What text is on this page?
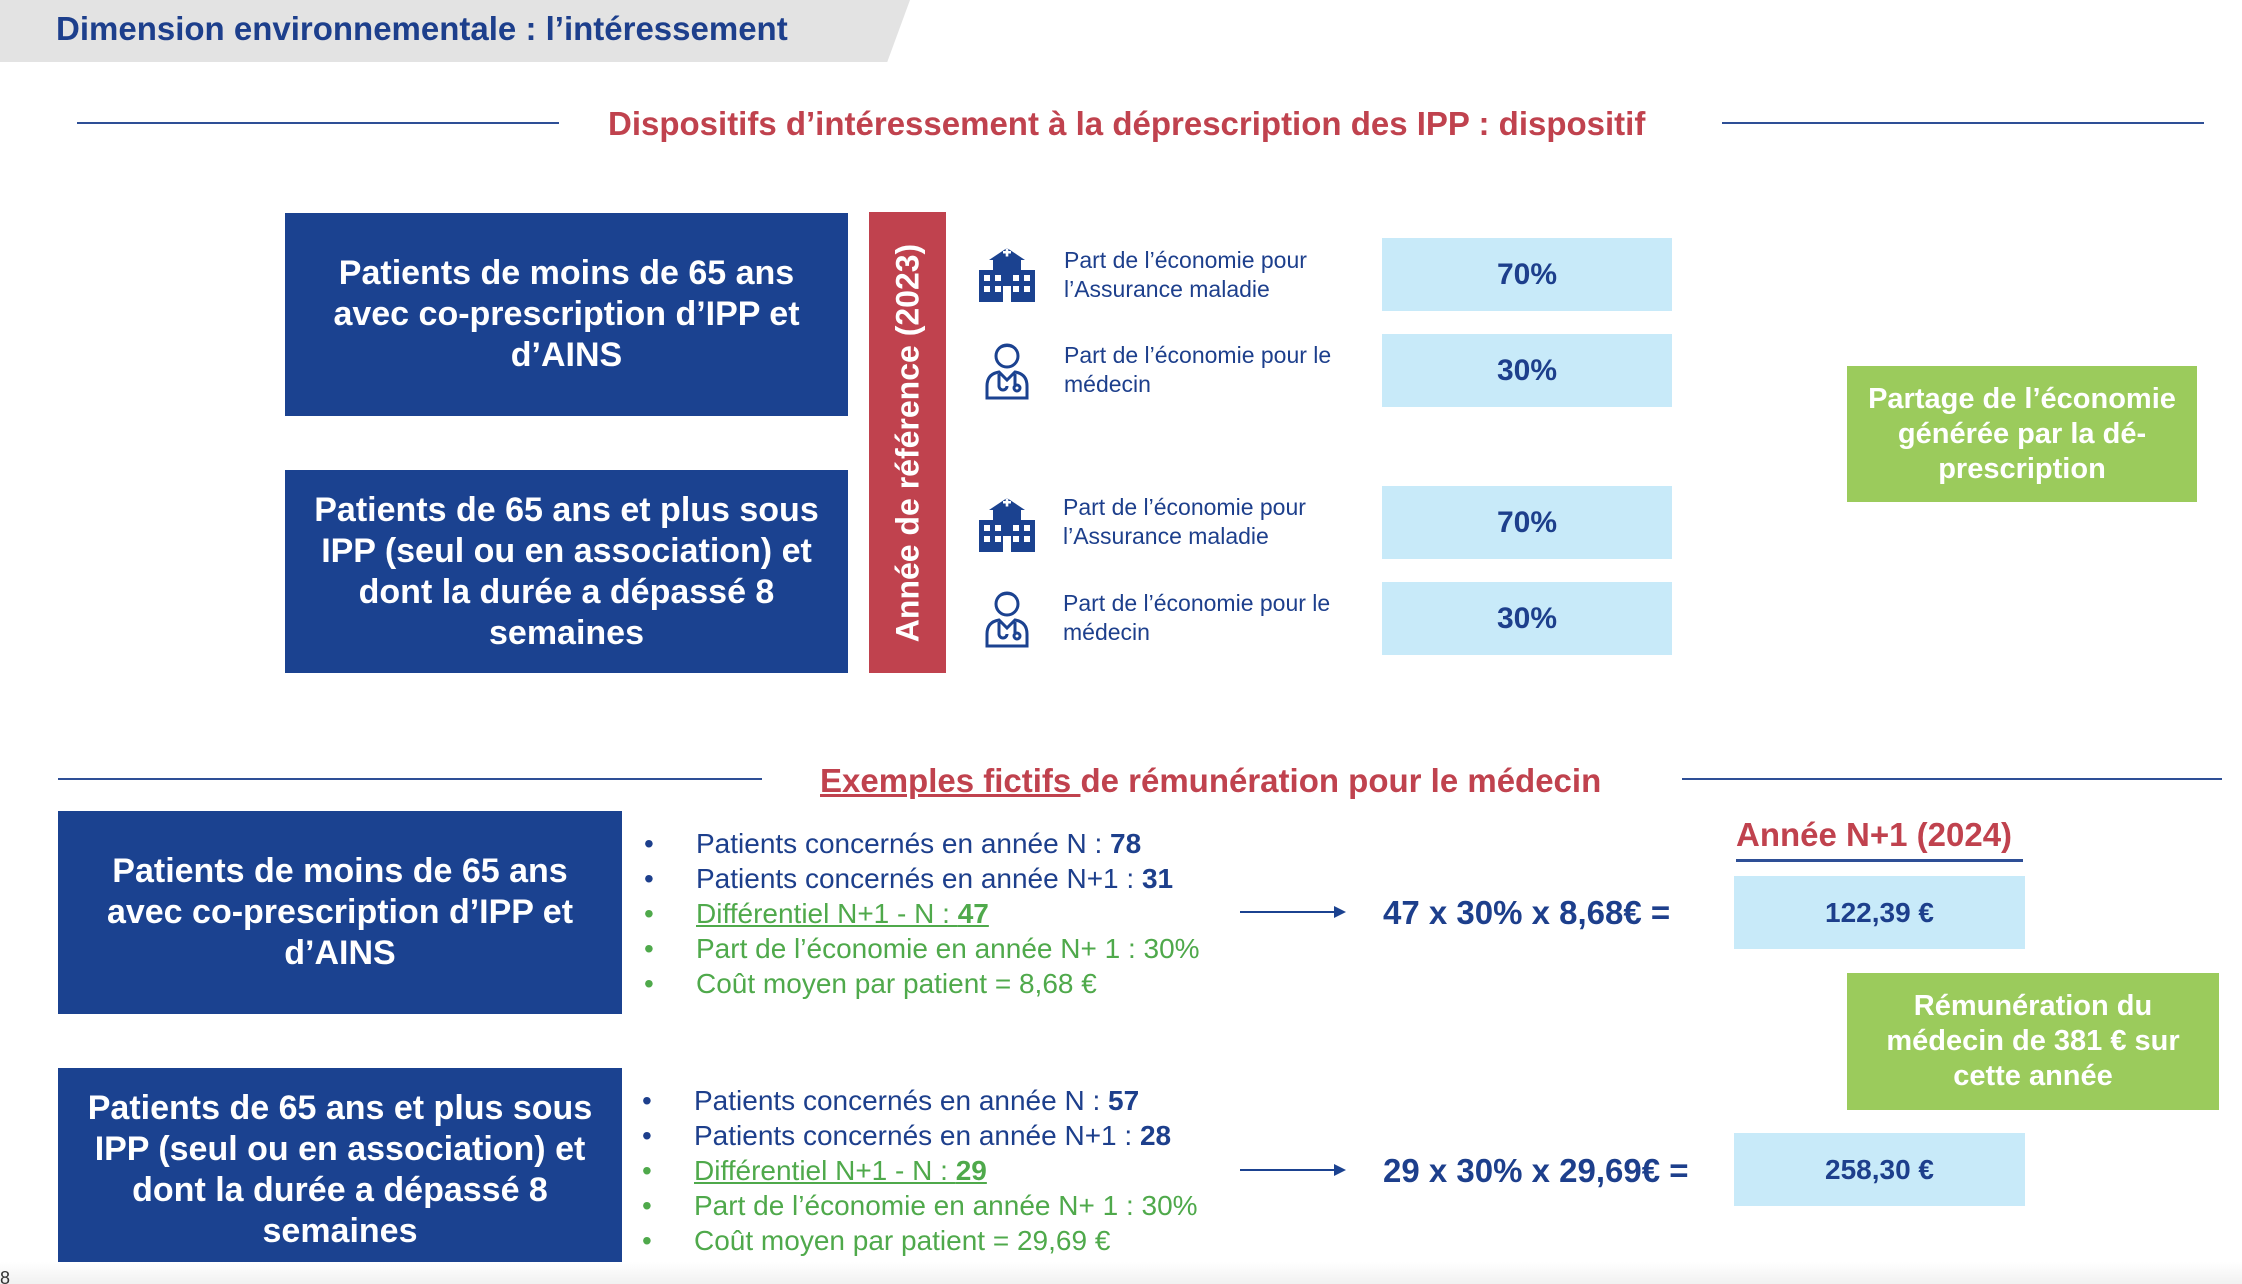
Dimension environnementale : l’intéressement
Dispositifs d’intéressement à la déprescription des IPP : dispositif
Patients de moins de 65 ans avec co-prescription d’IPP et d’AINS
Patients de 65 ans et plus sous IPP (seul ou en association) et dont la durée a dépassé 8 semaines	Année de référence (2023)	Part de l’économie pour l’Assurance maladie	70%
Part de l’économie pour le médecin	30%
Part de l’économie pour l’Assurance maladie	70%
Part de l’économie pour le médecin	30%
Partage de l’économie générée par la dé-prescription
Exemples fictifs de rémunération pour le médecin
Patients de moins de 65 ans avec co-prescription d’IPP et d’AINS
• Patients concernés en année N : 78
• Patients concernés en année N+1 : 31
• Différentiel N+1 - N : 47
• Part de l’économie en année N+ 1 : 30%
• Coût moyen par patient = 8,68 €
47 x 30% x 8,68€ =
Patients de 65 ans et plus sous IPP (seul ou en association) et dont la durée a dépassé 8 semaines
• Patients concernés en année N : 57
• Patients concernés en année N+1 : 28
• Différentiel N+1 - N : 29
• Part de l’économie en année N+ 1 : 30%
• Coût moyen par patient = 29,69 €
29 x 30% x 29,69€ =
Année N+1 (2024)
122,39 €
Rémunération du médecin de 381 € sur cette année
258,30 €
8
